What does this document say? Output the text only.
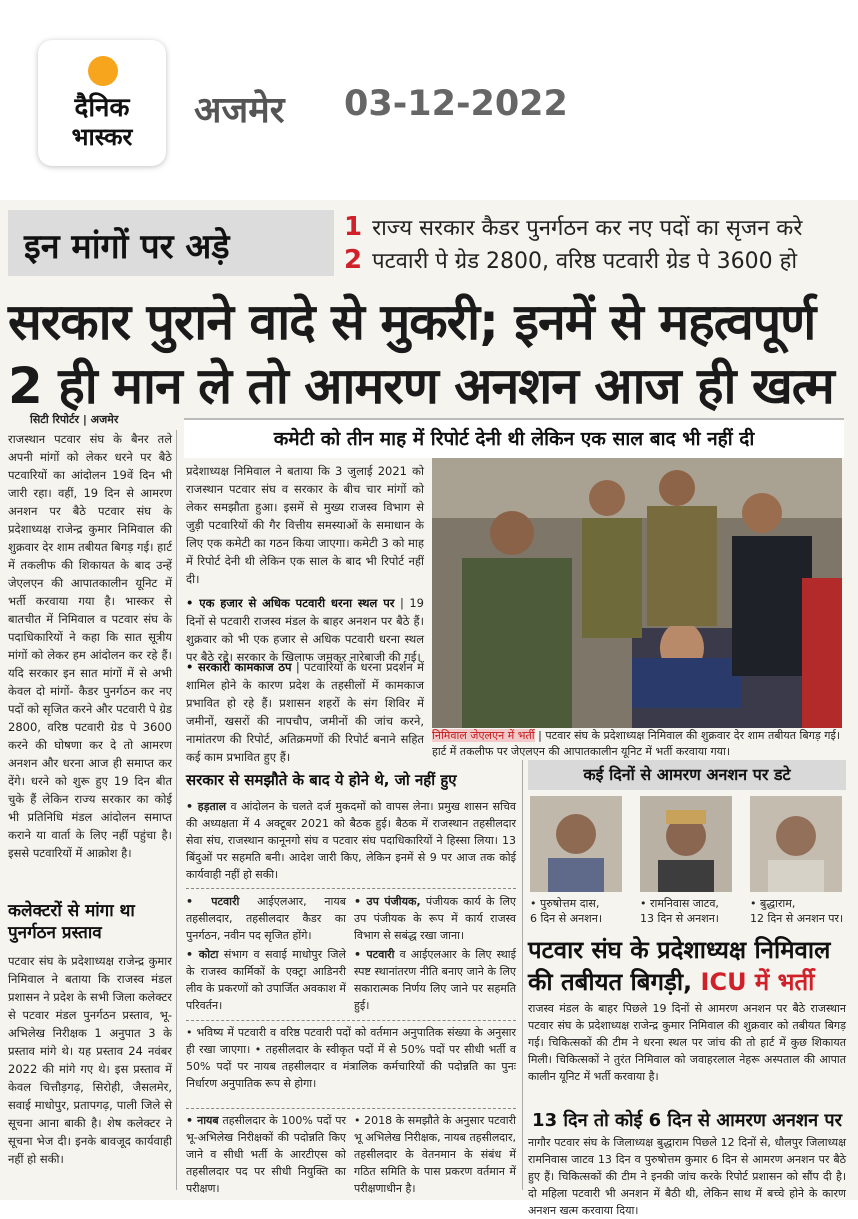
दैनिक
भास्कर
अजमेर 03-12-2022
इन मांगों पर अड़े	1 राज्य सरकार कैडर पुनर्गठन कर नए पदों का सृजन करे
2 पटवारी पे ग्रेड 2800, वरिष्ठ पटवारी ग्रेड पे 3600 हो
सरकार पुराने वादे से मुकरी; इनमें से महत्वपूर्ण
2 ही मान ले तो आमरण अनशन आज ही खत्म
सिटी रिपोर्टर | अजमेर
कमेटी को तीन माह में रिपोर्ट देनी थी लेकिन एक साल बाद भी नहीं दी
राजस्थान पटवार संघ के बैनर तले अपनी मांगों को लेकर धरने पर बैठे पटवारियों का आंदोलन 19वें दिन भी जारी रहा। वहीं, 19 दिन से आमरण अनशन पर बैठे पटवार संघ के प्रदेशाध्यक्ष राजेन्द्र कुमार निमिवाल की शुक्रवार देर शाम तबीयत बिगड़ गई। हार्ट में तकलीफ की शिकायत के बाद उन्हें जेएलएन की आपातकालीन यूनिट में भर्ती करवाया गया है। भास्कर से बातचीत में निमिवाल व पटवार संघ के पदाधिकारियों ने कहा कि सात सूत्रीय मांगों को लेकर हम आंदोलन कर रहे हैं। यदि सरकार इन सात मांगों में से अभी केवल दो मांगों- कैडर पुनर्गठन कर नए पदों को सृजित करने और पटवारी पे ग्रेड 2800, वरिष्ठ पटवारी ग्रेड पे 3600 करने की घोषणा कर दे तो आमरण अनशन और धरना आज ही समाप्त कर देंगे। धरने को शुरू हुए 19 दिन बीत चुके हैं लेकिन राज्य सरकार का कोई भी प्रतिनिधि मंडल आंदोलन समाप्त कराने या वार्ता के लिए नहीं पहुंचा है। इससे पटवारियों में आक्रोश है।
कलेक्टरों से मांगा था पुनर्गठन प्रस्ताव
पटवार संघ के प्रदेशाध्यक्ष राजेन्द्र कुमार निमिवाल ने बताया कि राजस्व मंडल प्रशासन ने प्रदेश के सभी जिला कलेक्टर से पटवार मंडल पुनर्गठन प्रस्ताव, भू-अभिलेख निरीक्षक 1 अनुपात 3 के प्रस्ताव मांगे थे। यह प्रस्ताव 24 नवंबर 2022 की मांगे गए थे। इस प्रस्ताव में केवल चित्तौड़गढ़, सिरोही, जैसलमेर, सवाई माधोपुर, प्रतापगढ़, पाली जिले से सूचना आना बाकी है। शेष कलेक्टर ने सूचना भेज दी। इनके बावजूद कार्यवाही नहीं हो सकी।
प्रदेशाध्यक्ष निमिवाल ने बताया कि 3 जुलाई 2021 को राजस्थान पटवार संघ व सरकार के बीच चार मांगों को लेकर समझौता हुआ। इसमें से मुख्य राजस्व विभाग से जुड़ी पटवारियों की गैर वित्तीय समस्याओं के समाधान के लिए एक कमेटी का गठन किया जाएगा। कमेटी 3 को माह में रिपोर्ट देनी थी लेकिन एक साल के बाद भी रिपोर्ट नहीं दी।
• एक हजार से अधिक पटवारी धरना स्थल पर | 19 दिनों से पटवारी राजस्व मंडल के बाहर अनशन पर बैठे हैं। शुक्रवार को भी एक हजार से अधिक पटवारी धरना स्थल पर बैठे रहे। सरकार के खिलाफ जमकर नारेबाजी की गई।
• सरकारी कामकाज ठप | पटवारियों के धरना प्रदर्शन में शामिल होने के कारण प्रदेश के तहसीलों में कामकाज प्रभावित हो रहे हैं। प्रशासन शहरों के संग शिविर में जमीनों, खसरों की नापचौप, जमीनों की जांच करने, नामांतरण की रिपोर्ट, अतिक्रमणों की रिपोर्ट बनाने सहित कई काम प्रभावित हुए हैं।
निमिवाल जेएलएन में भर्ती | पटवार संघ के प्रदेशाध्यक्ष निमिवाल की शुक्रवार देर शाम तबीयत बिगड़ गई। हार्ट में तकलीफ पर जेएलएन की आपातकालीन यूनिट में भर्ती करवाया गया।
सरकार से समझौते के बाद ये होने थे, जो नहीं हुए
• हड़ताल व आंदोलन के चलते दर्ज मुकदमों को वापस लेना। प्रमुख शासन सचिव की अध्यक्षता में 4 अक्टूबर 2021 को बैठक हुई। बैठक में राजस्थान तहसीलदार सेवा संघ, राजस्थान कानूनगो संघ व पटवार संघ पदाधिकारियों ने हिस्सा लिया। 13 बिंदुओं पर सहमति बनी। आदेश जारी किए, लेकिन इनमें से 9 पर आज तक कोई कार्यवाही नहीं हो सकी।
• पटवारी आईएलआर, नायब तहसीलदार, तहसीलदार कैडर का पुनर्गठन, नवीन पद सृजित होंगे।
• कोटा संभाग व सवाई माधोपुर जिले के राजस्व कार्मिकों के एक्ट्रा आडिनरी लीव के प्रकरणों को उपार्जित अवकाश में परिवर्तन।
• उप पंजीयक, पंजीयक कार्य के लिए उप पंजीयक के रूप में कार्य राजस्व विभाग से सबंद्ध रखा जाना।
• पटवारी व आईएलआर के लिए स्थाई स्पष्ट स्थानांतरण नीति बनाए जाने के लिए सकारात्मक निर्णय लिए जाने पर सहमति हुई।
• भविष्य में पटवारी व वरिष्ठ पटवारी पदों को वर्तमान अनुपातिक संख्या के अनुसार ही रखा जाएगा। • तहसीलदार के स्वीकृत पदों में से 50% पदों पर सीधी भर्ती व 50% पदों पर नायब तहसीलदार व मंत्रालिक कर्मचारियों की पदोन्नति का पुनः निर्धारण अनुपातिक रूप से होगा।
• नायब तहसीलदार के 100% पदों पर भू-अभिलेख निरीक्षकों की पदोन्नति किए जाने व सीधी भर्ती के आरटीएस को तहसीलदार पद पर सीधी नियुक्ति का परीक्षण।
• 2018 के समझौते के अनुसार पटवारी भू अभिलेख निरीक्षक, नायब तहसीलदार, तहसीलदार के वेतनमान के संबंध में गठित समिति के पास प्रकरण वर्तमान में परीक्षणाधीन है।
कई दिनों से आमरण अनशन पर डटे
• पुरुषोत्तम दास,
6 दिन से अनशन।
• रामनिवास जाटव,
13 दिन से अनशन।
• बुद्धाराम,
12 दिन से अनशन पर।
पटवार संघ के प्रदेशाध्यक्ष निमिवाल की तबीयत बिगड़ी, ICU में भर्ती
राजस्व मंडल के बाहर पिछले 19 दिनों से आमरण अनशन पर बैठे राजस्थान पटवार संघ के प्रदेशाध्यक्ष राजेन्द्र कुमार निमिवाल की शुक्रवार को तबीयत बिगड़ गई। चिकित्सकों की टीम ने धरना स्थल पर जांच की तो हार्ट में कुछ शिकायत मिली। चिकित्सकों ने तुरंत निमिवाल को जवाहरलाल नेहरू अस्पताल की आपात कालीन यूनिट में भर्ती करवाया है।
13 दिन तो कोई 6 दिन से आमरण अनशन पर
नागौर पटवार संघ के जिलाध्यक्ष बुद्धाराम पिछले 12 दिनों से, धौलपुर जिलाध्यक्ष रामनिवास जाटव 13 दिन व पुरुषोत्तम कुमार 6 दिन से आमरण अनशन पर बैठे हुए हैं। चिकित्सकों की टीम ने इनकी जांच करके रिपोर्ट प्रशासन को सौंप दी है। दो महिला पटवारी भी अनशन में बैठी थी, लेकिन साथ में बच्चे होने के कारण अनशन खत्म करवाया दिया।
